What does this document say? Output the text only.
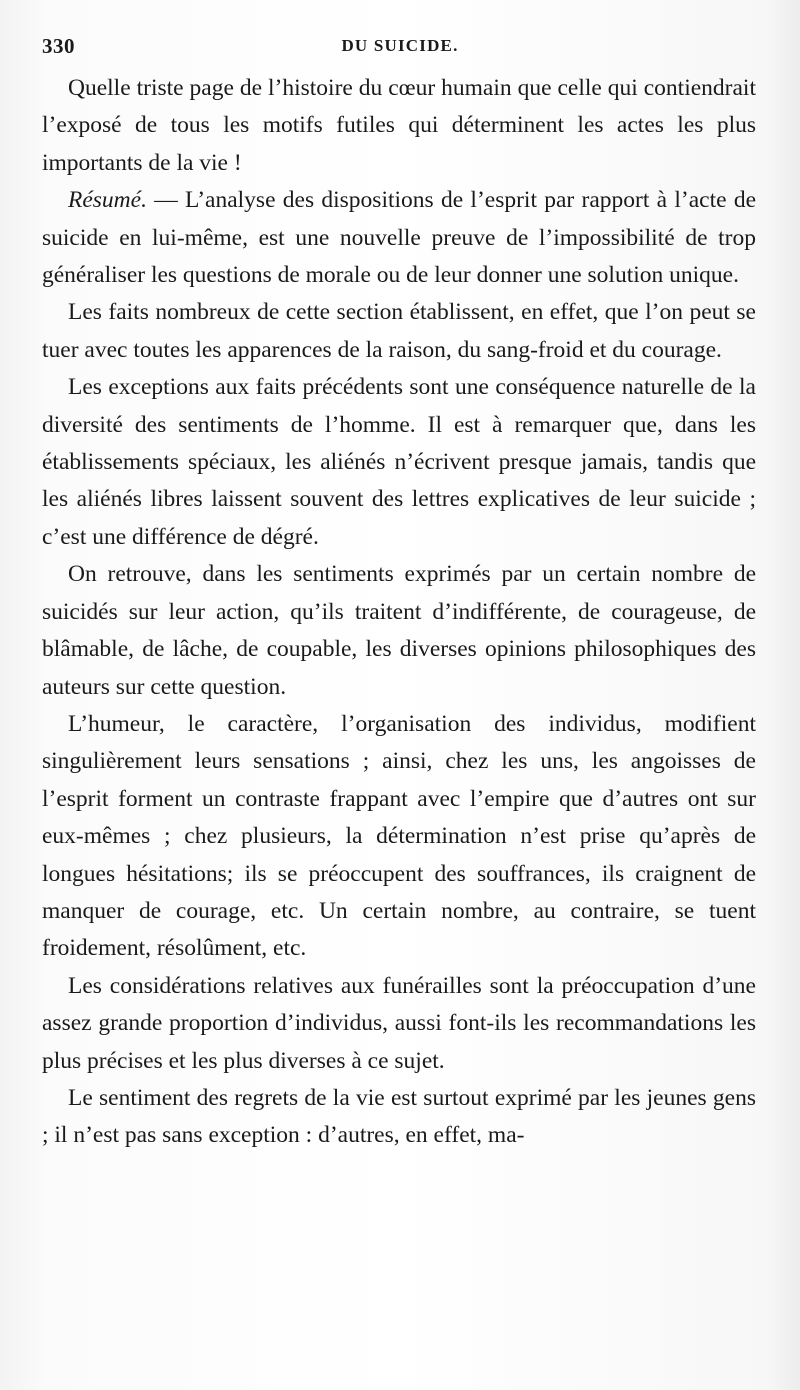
330	DU SUICIDE.

Quelle triste page de l’histoire du cœur humain que celle qui contiendrait l’exposé de tous les motifs futiles qui déterminent les actes les plus importants de la vie !

Résumé. — L’analyse des dispositions de l’esprit par rapport à l’acte de suicide en lui-même, est une nouvelle preuve de l’impossibilité de trop généraliser les questions de morale ou de leur donner une solution unique.

Les faits nombreux de cette section établissent, en effet, que l’on peut se tuer avec toutes les apparences de la raison, du sang-froid et du courage.

Les exceptions aux faits précédents sont une conséquence naturelle de la diversité des sentiments de l’homme. Il est à remarquer que, dans les établissements spéciaux, les aliénés n’écrivent presque jamais, tandis que les aliénés libres laissent souvent des lettres explicatives de leur suicide ; c’est une différence de dégré.

On retrouve, dans les sentiments exprimés par un certain nombre de suicidés sur leur action, qu’ils traitent d’indifférente, de courageuse, de blâmable, de lâche, de coupable, les diverses opinions philosophiques des auteurs sur cette question.

L’humeur, le caractère, l’organisation des individus, modifient singulièrement leurs sensations ; ainsi, chez les uns, les angoisses de l’esprit forment un contraste frappant avec l’empire que d’autres ont sur eux-mêmes ; chez plusieurs, la détermination n’est prise qu’après de longues hésitations; ils se préoccupent des souffrances, ils craignent de manquer de courage, etc. Un certain nombre, au contraire, se tuent froidement, résolûment, etc.

Les considérations relatives aux funérailles sont la préoccupation d’une assez grande proportion d’individus, aussi font-ils les recommandations les plus précises et les plus diverses à ce sujet.

Le sentiment des regrets de la vie est surtout exprimé par les jeunes gens ; il n’est pas sans exception : d’autres, en effet, ma-
